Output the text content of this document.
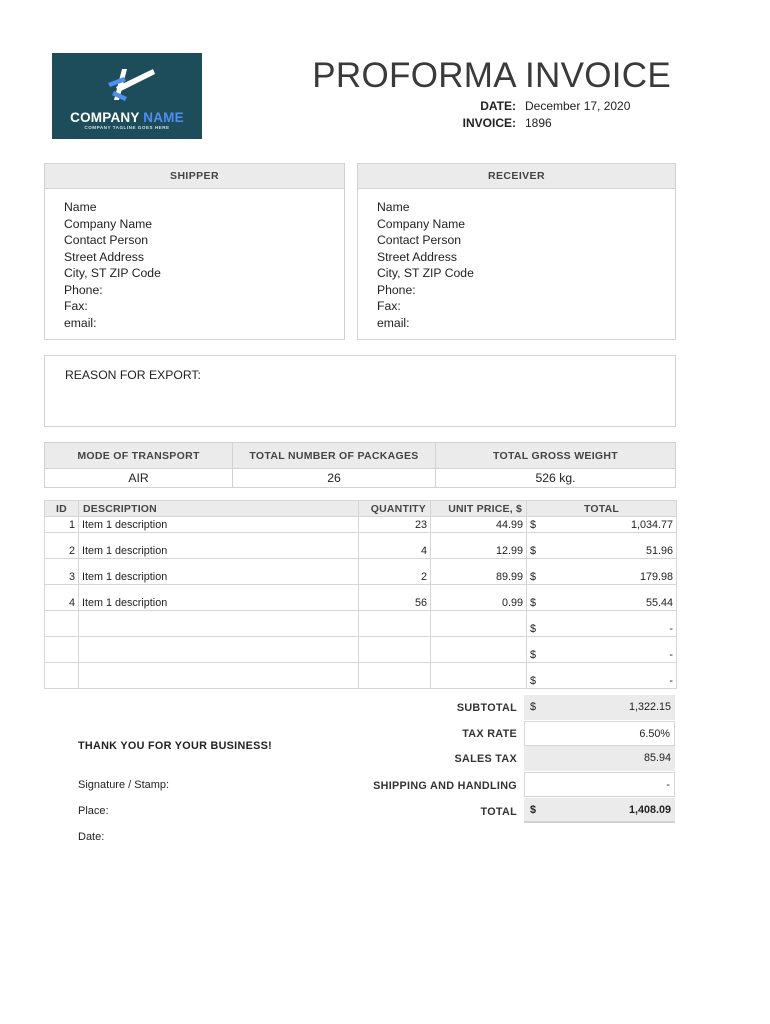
COMPANY NAME
COMPANY TAGLINE GOES HERE
PROFORMA INVOICE
DATE: December 17, 2020
INVOICE: 1896
SHIPPER
Name
Company Name
Contact Person
Street Address
City, ST ZIP Code
Phone:
Fax:
email:
RECEIVER
Name
Company Name
Contact Person
Street Address
City, ST ZIP Code
Phone:
Fax:
email:
REASON FOR EXPORT:
MODE OF TRANSPORT	TOTAL NUMBER OF PACKAGES	TOTAL GROSS WEIGHT
AIR	26	526 kg.
ID	DESCRIPTION	QUANTITY	UNIT PRICE, $	TOTAL
1	Item 1 description	23	44.99	$ 1,034.77

2	Item 1 description	4	12.99	$ 51.96

3	Item 1 description	2	89.99	$ 179.98

4	Item 1 description	56	0.99	$ 55.44

				$ -

				$ -

				$ -
SUBTOTAL $	1,322.15
TAX RATE	6.50%
SALES TAX	85.94
SHIPPING AND HANDLING	-
TOTAL $	1,408.09
THANK YOU FOR YOUR BUSINESS!
Signature / Stamp:
Place:
Date:
